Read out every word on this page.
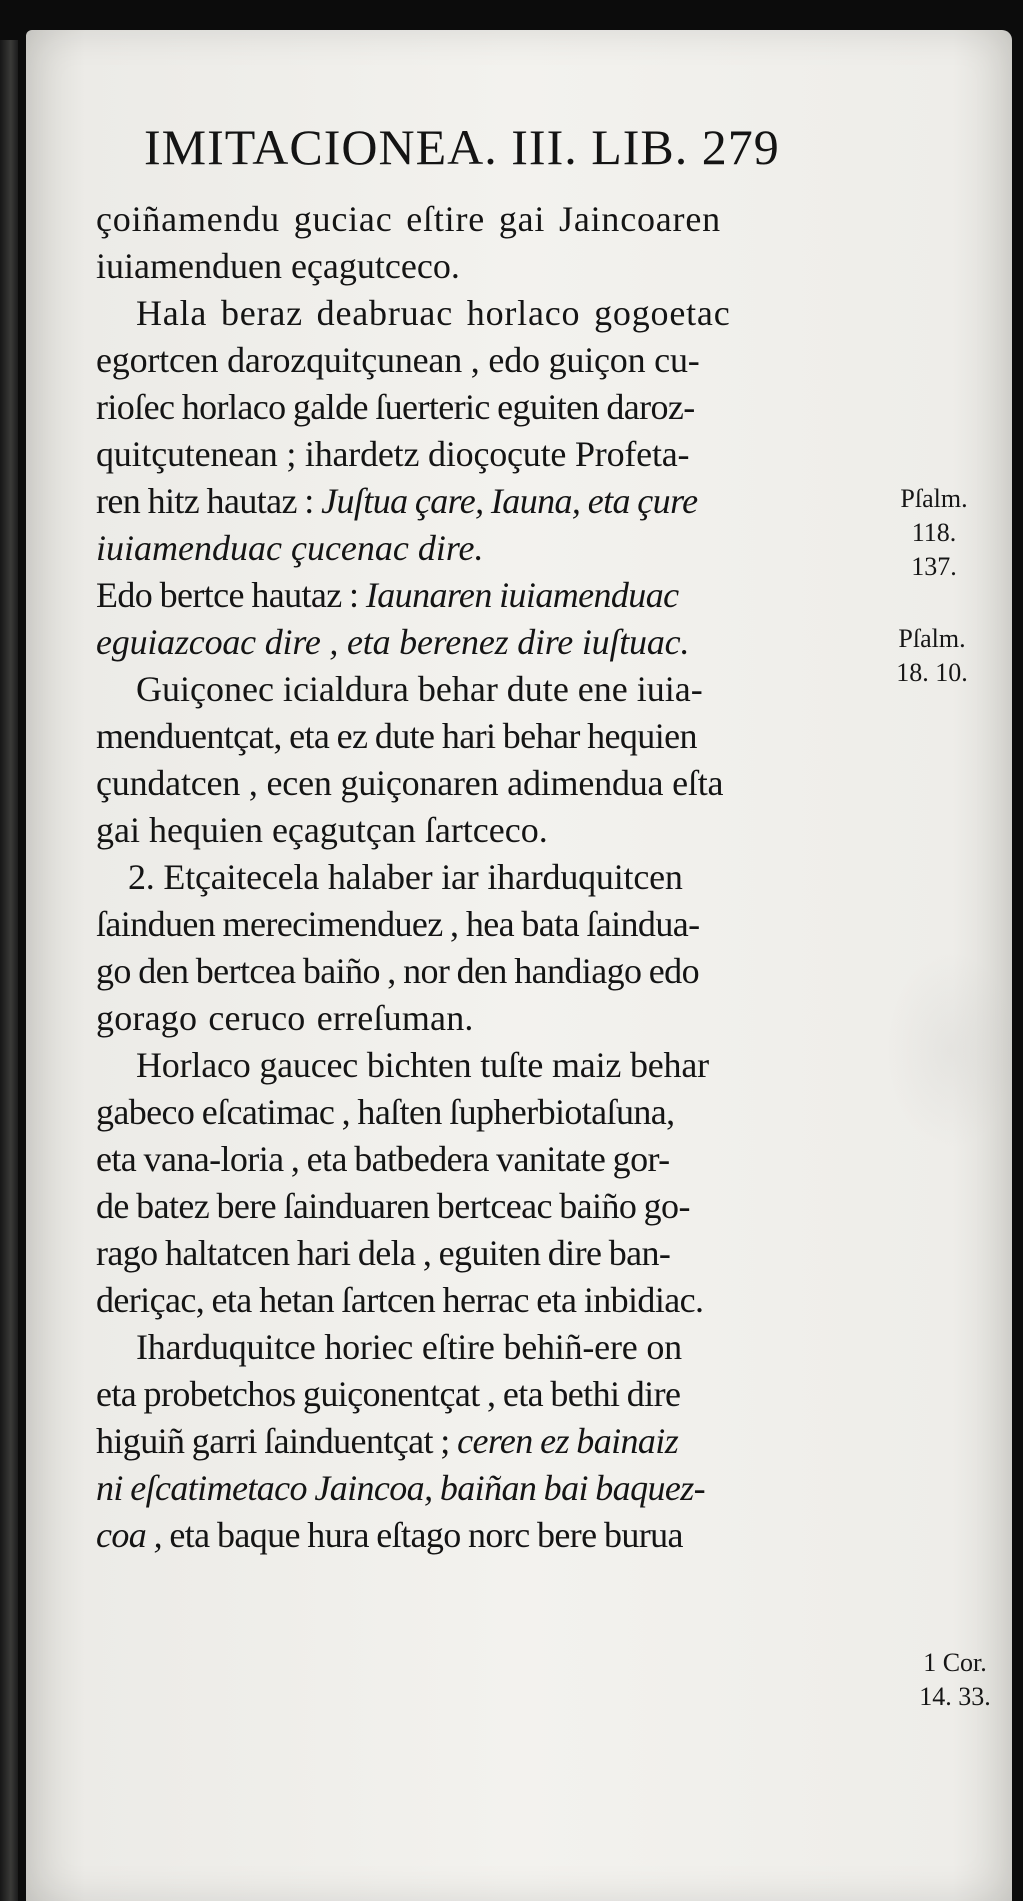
IMITACIONEA. III. LIB. 279
çoiñamendu guciac eſtire gai Jaincoaren
iuiamenduen eçagutceco.
Hala beraz deabruac horlaco gogoetac
egortcen darozquitçunean , edo guiçon cu-
rioſec horlaco galde ſuerteric eguiten daroz-
quitçutenean ; ihardetz dioçoçute Profeta-
ren hitz hautaz : Juſtua çare, Iauna, eta çure
iuiamenduac çucenac dire.
Edo bertce hautaz : Iaunaren iuiamenduac
eguiazcoac dire , eta berenez dire iuſtuac.
Guiçonec icialdura behar dute ene iuia-
menduentçat, eta ez dute hari behar hequien
çundatcen , ecen guiçonaren adimendua eſta
gai hequien eçagutçan ſartceco.
2. Etçaitecela halaber iar iharduquitcen
ſainduen merecimenduez , hea bata ſaindua-
go den bertcea baiño , nor den handiago edo
gorago ceruco erreſuman.
Horlaco gaucec bichten tuſte maiz behar
gabeco eſcatimac , haſten ſupherbiotaſuna,
eta vana-loria , eta batbedera vanitate gor-
de batez bere ſainduaren bertceac baiño go-
rago haltatcen hari dela , eguiten dire ban-
deriçac, eta hetan ſartcen herrac eta inbidiac.
Iharduquitce horiec eſtire behiñ-ere on
eta probetchos guiçonentçat , eta bethi dire
higuiñ garri ſainduentçat ; ceren ez bainaiz
ni eſcatimetaco Jaincoa, baiñan bai baquez-
coa , eta baque hura eſtago norc bere burua
Pſalm.
118.
137.
Pſalm.
18. 10.
1 Cor.
14. 33.
